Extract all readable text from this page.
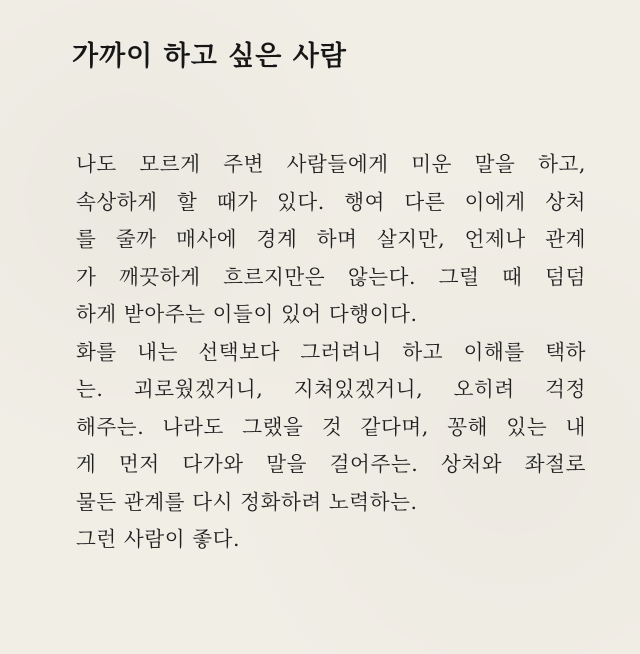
가까이 하고 싶은 사람
나도 모르게 주변 사람들에게 미운 말을 하고,
속상하게 할 때가 있다. 행여 다른 이에게 상처
를 줄까 매사에 경계 하며 살지만, 언제나 관계
가 깨끗하게 흐르지만은 않는다. 그럴 때 덤덤
하게 받아주는 이들이 있어 다행이다.
화를 내는 선택보다 그러려니 하고 이해를 택하
는. 괴로웠겠거니, 지쳐있겠거니, 오히려 걱정
해주는. 나라도 그랬을 것 같다며, 꽁해 있는 내
게 먼저 다가와 말을 걸어주는. 상처와 좌절로
물든 관계를 다시 정화하려 노력하는.
그런 사람이 좋다.
